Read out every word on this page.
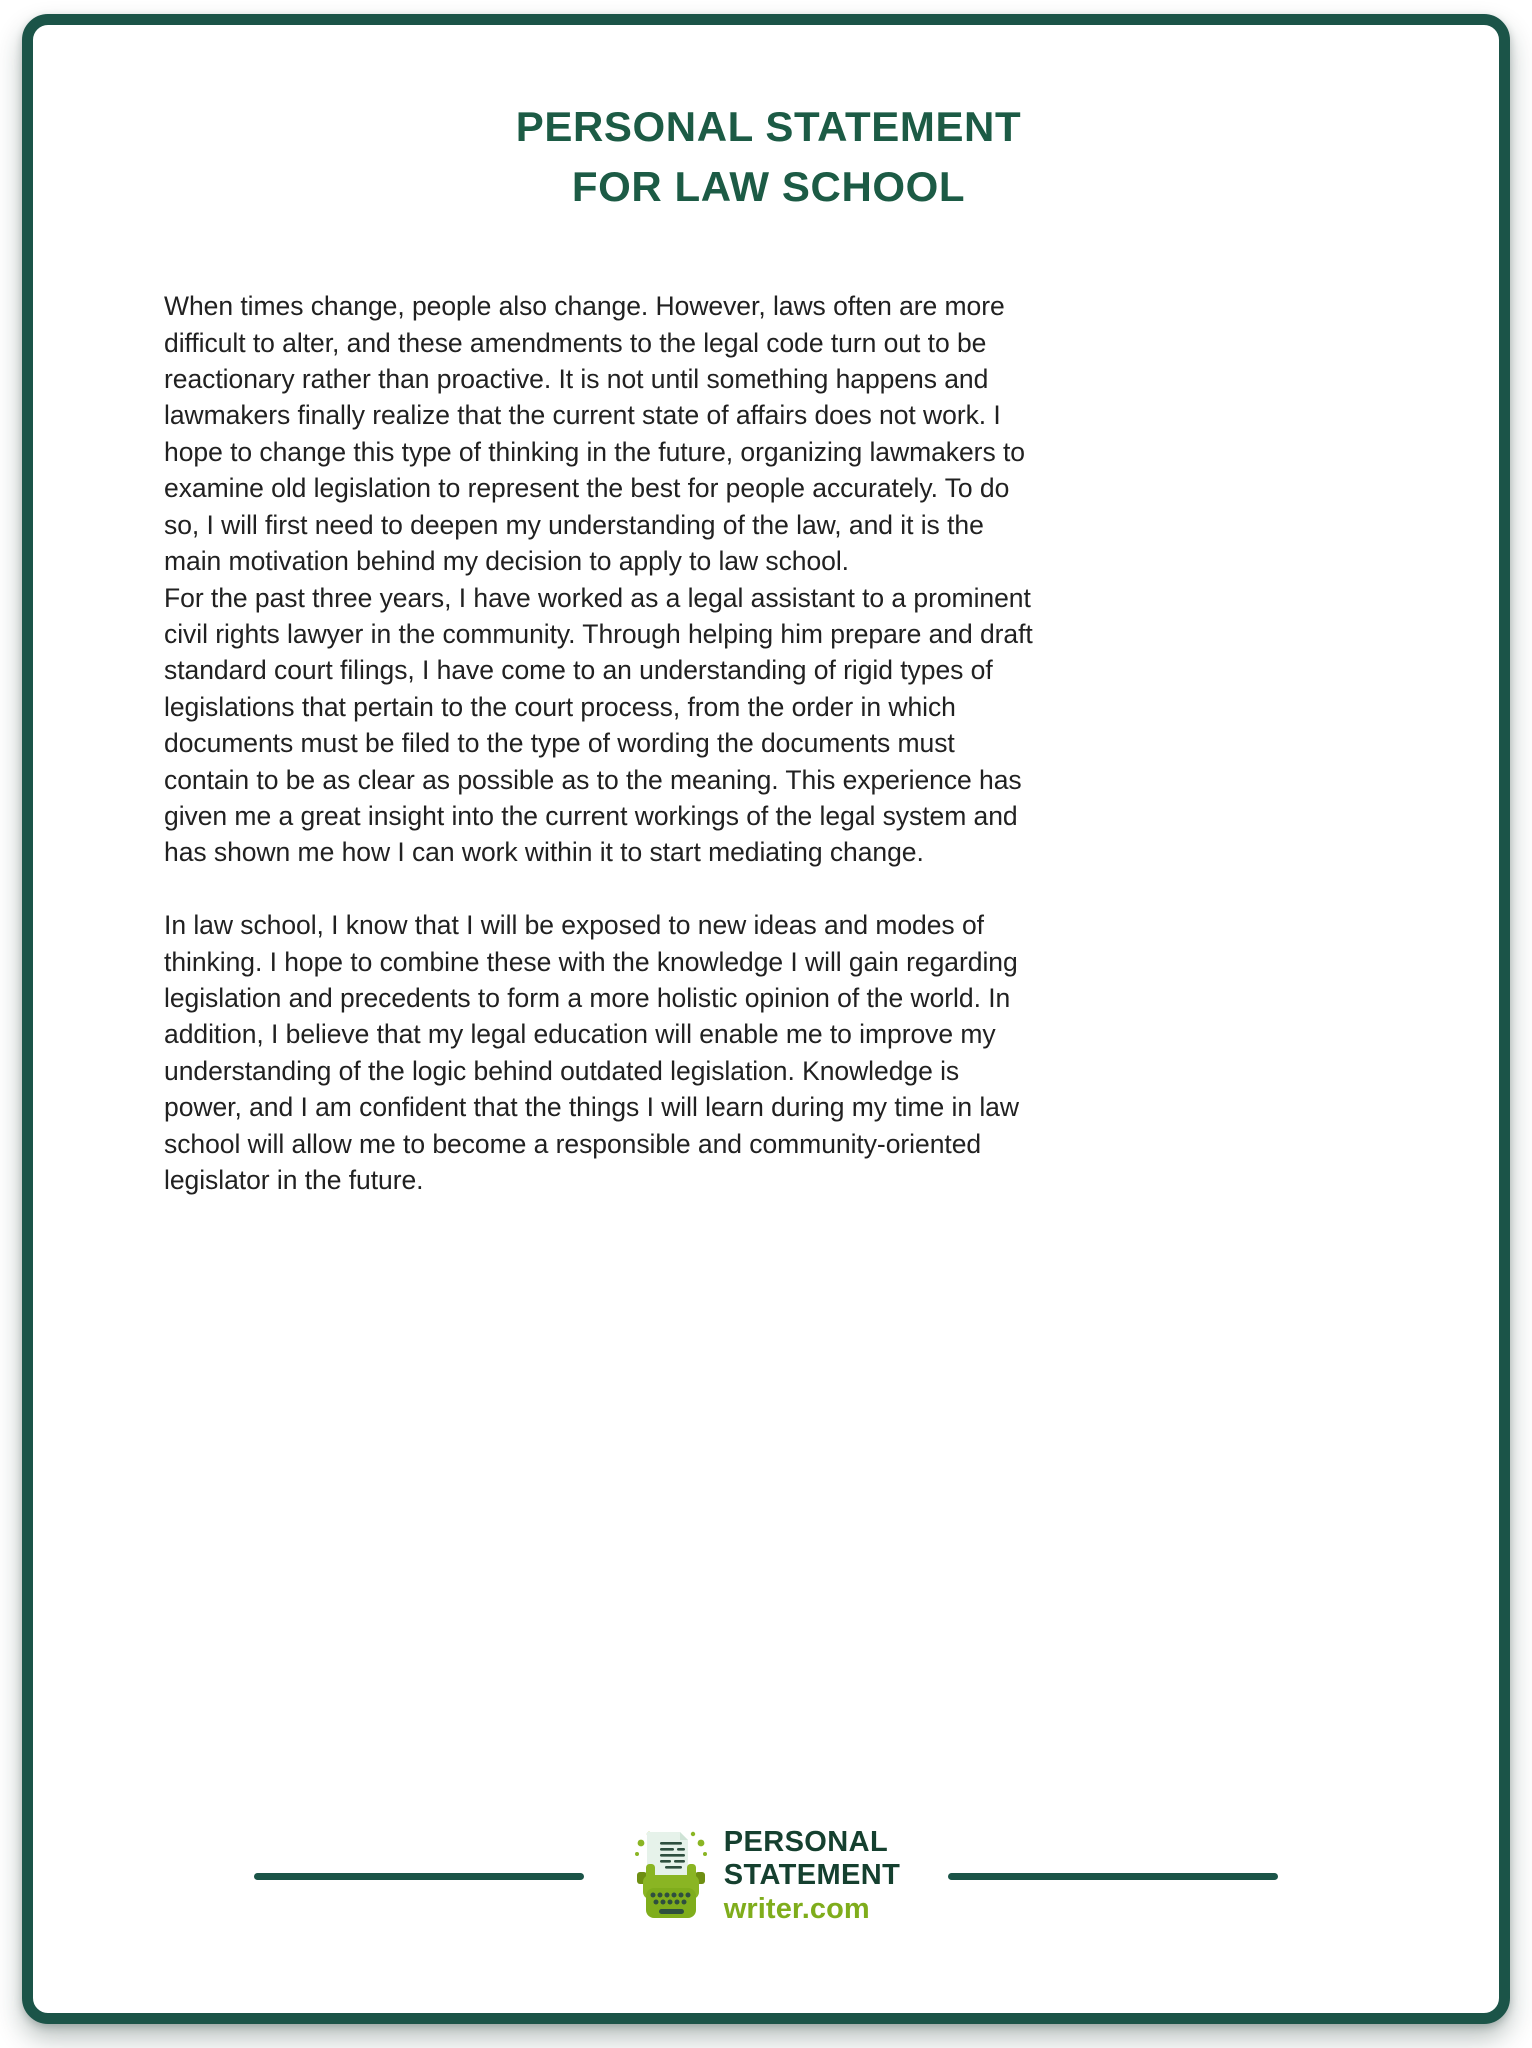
PERSONAL STATEMENT
FOR LAW SCHOOL

When times change, people also change. However, laws often are more difficult to alter, and these amendments to the legal code turn out to be reactionary rather than proactive. It is not until something happens and lawmakers finally realize that the current state of affairs does not work. I hope to change this type of thinking in the future, organizing lawmakers to examine old legislation to represent the best for people accurately. To do so, I will first need to deepen my understanding of the law, and it is the main motivation behind my decision to apply to law school.

For the past three years, I have worked as a legal assistant to a prominent civil rights lawyer in the community. Through helping him prepare and draft standard court filings, I have come to an understanding of rigid types of legislations that pertain to the court process, from the order in which documents must be filed to the type of wording the documents must contain to be as clear as possible as to the meaning. This experience has given me a great insight into the current workings of the legal system and has shown me how I can work within it to start mediating change.

In law school, I know that I will be exposed to new ideas and modes of thinking. I hope to combine these with the knowledge I will gain regarding legislation and precedents to form a more holistic opinion of the world. In addition, I believe that my legal education will enable me to improve my understanding of the logic behind outdated legislation. Knowledge is power, and I am confident that the things I will learn during my time in law school will allow me to become a responsible and community-oriented legislator in the future.

PERSONAL
STATEMENT
writer.com
